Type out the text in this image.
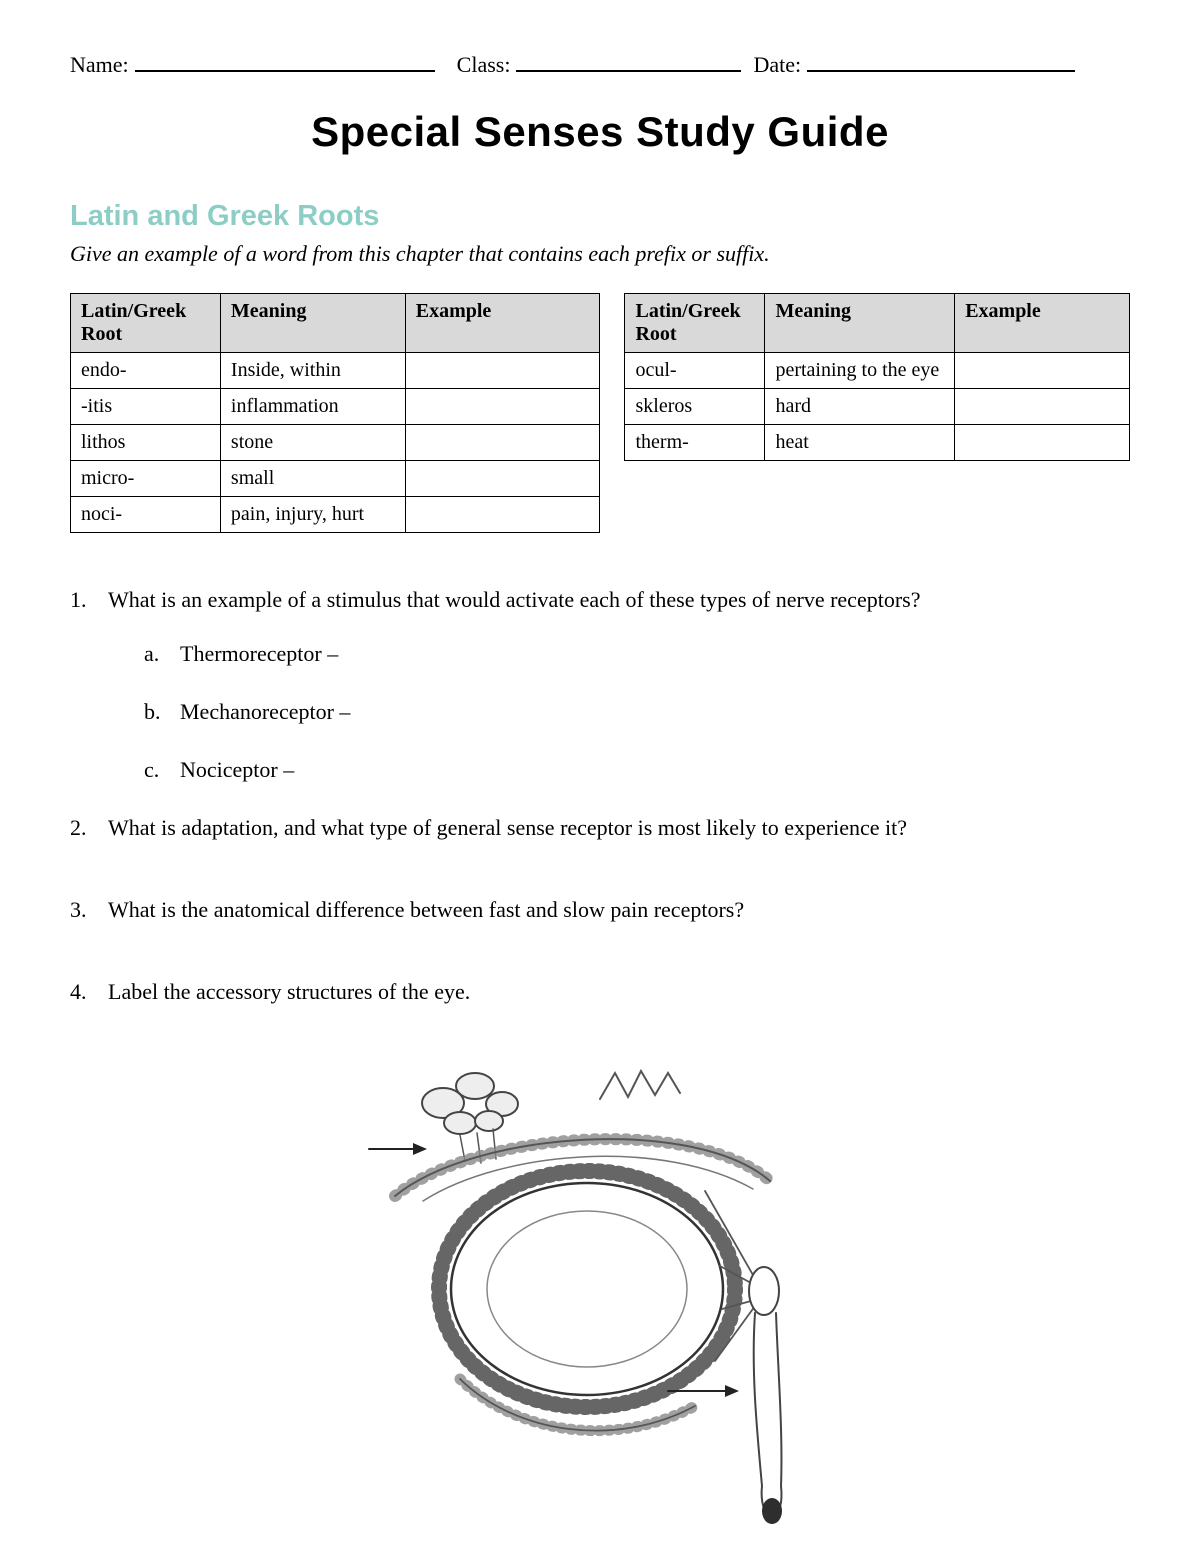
Name:	Class:	Date:
Special Senses Study Guide
Latin and Greek Roots

Give an example of a word from this chapter that contains each prefix or suffix.

Latin/Greek Root	Meaning	Example
endo-	Inside, within	
-itis	inflammation	
lithos	stone	
micro-	small	
noci-	pain, injury, hurt	
Latin/Greek Root	Meaning	Example
ocul-	pertaining to the eye	
skleros	hard	
therm-	heat	
1. What is an example of a stimulus that would activate each of these types of nerve receptors?
a. Thermoreceptor –
b. Mechanoreceptor –
c. Nociceptor –
2. What is adaptation, and what type of general sense receptor is most likely to experience it?
3. What is the anatomical difference between fast and slow pain receptors?
4. Label the accessory structures of the eye.
